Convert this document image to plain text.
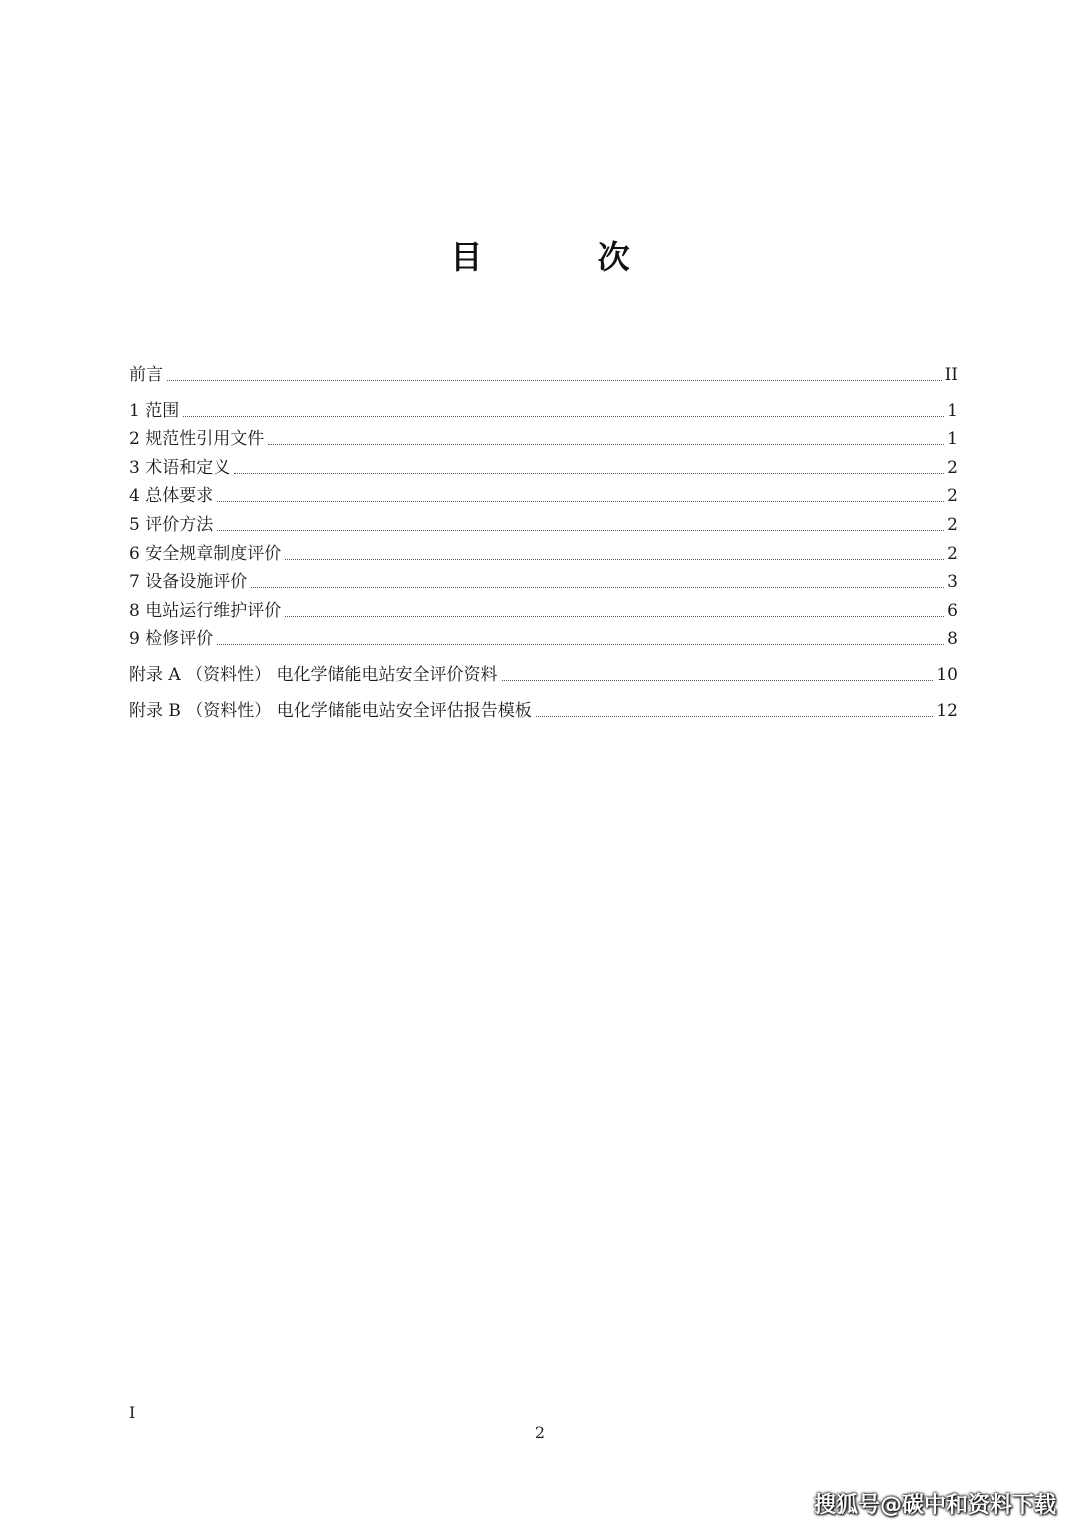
目 次
前言	II
1 范围	1
2 规范性引用文件	1
3 术语和定义	2
4 总体要求	2
5 评价方法	2
6 安全规章制度评价	2
7 设备设施评价	3
8 电站运行维护评价	6
9 检修评价	8
附录 A （资料性） 电化学储能电站安全评价资料	10
附录 B （资料性） 电化学储能电站安全评估报告模板	12
I
2
搜狐号@碳中和资料下载
